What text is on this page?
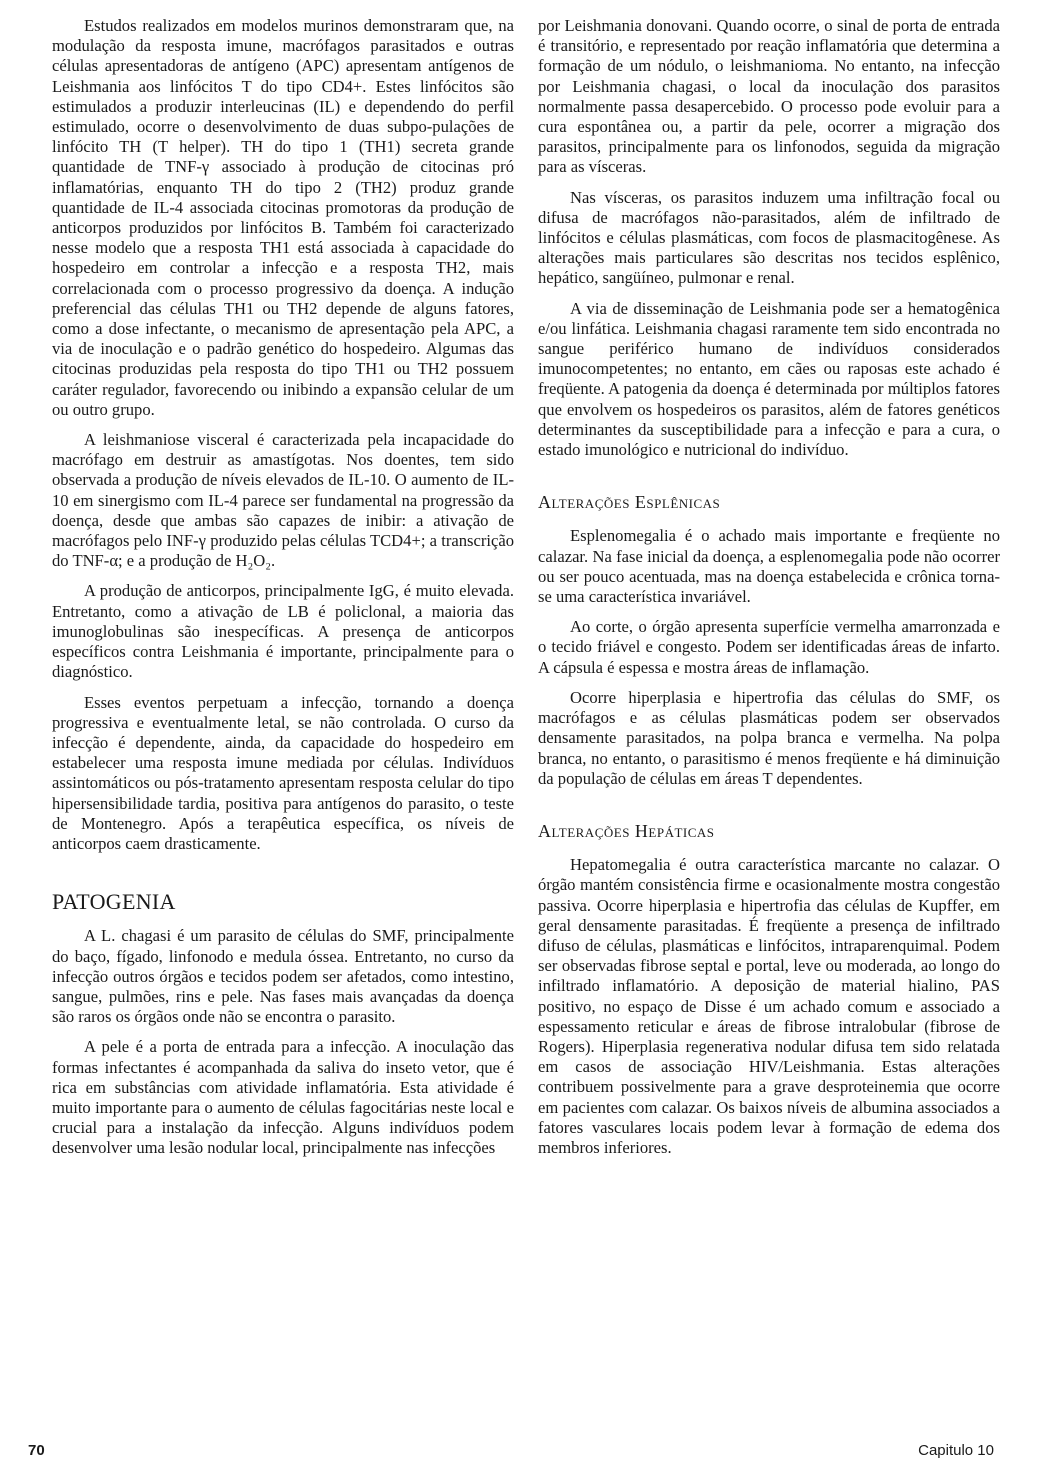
Estudos realizados em modelos murinos demonstraram que, na modulação da resposta imune, macrófagos parasitados e outras células apresentadoras de antígeno (APC) apresentam antígenos de Leishmania aos linfócitos T do tipo CD4+. Estes linfócitos são estimulados a produzir interleucinas (IL) e dependendo do perfil estimulado, ocorre o desenvolvimento de duas subpo-pulações de linfócito TH (T helper). TH do tipo 1 (TH1) secreta grande quantidade de TNF-γ associado à produção de citocinas pró inflamatórias, enquanto TH do tipo 2 (TH2) produz grande quantidade de IL-4 associada citocinas promotoras da produção de anticorpos produzidos por linfócitos B. Também foi caracterizado nesse modelo que a resposta TH1 está associada à capacidade do hospedeiro em controlar a infecção e a resposta TH2, mais correlacionada com o processo progressivo da doença. A indução preferencial das células TH1 ou TH2 depende de alguns fatores, como a dose infectante, o mecanismo de apresentação pela APC, a via de inoculação e o padrão genético do hospedeiro. Algumas das citocinas produzidas pela resposta do tipo TH1 ou TH2 possuem caráter regulador, favorecendo ou inibindo a expansão celular de um ou outro grupo.

A leishmaniose visceral é caracterizada pela incapacidade do macrófago em destruir as amastígotas. Nos doentes, tem sido observada a produção de níveis elevados de IL-10. O aumento de IL-10 em sinergismo com IL-4 parece ser fundamental na progressão da doença, desde que ambas são capazes de inibir: a ativação de macrófagos pelo INF-γ produzido pelas células TCD4+; a transcrição do TNF-α; e a produção de H₂O₂.

A produção de anticorpos, principalmente IgG, é muito elevada. Entretanto, como a ativação de LB é policlonal, a maioria das imunoglobulinas são inespecíficas. A presença de anticorpos específicos contra Leishmania é importante, principalmente para o diagnóstico.

Esses eventos perpetuam a infecção, tornando a doença progressiva e eventualmente letal, se não controlada. O curso da infecção é dependente, ainda, da capacidade do hospedeiro em estabelecer uma resposta imune mediada por células. Indivíduos assintomáticos ou pós-tratamento apresentam resposta celular do tipo hipersensibilidade tardia, positiva para antígenos do parasito, o teste de Montenegro. Após a terapêutica específica, os níveis de anticorpos caem drasticamente.

PATOGENIA

A L. chagasi é um parasito de células do SMF, principalmente do baço, fígado, linfonodo e medula óssea. Entretanto, no curso da infecção outros órgãos e tecidos podem ser afetados, como intestino, sangue, pulmões, rins e pele. Nas fases mais avançadas da doença são raros os órgãos onde não se encontra o parasito.

A pele é a porta de entrada para a infecção. A inoculação das formas infectantes é acompanhada da saliva do inseto vetor, que é rica em substâncias com atividade inflamatória. Esta atividade é muito importante para o aumento de células fagocitárias neste local e crucial para a instalação da infecção. Alguns indivíduos podem desenvolver uma lesão nodular local, principalmente nas infecções

por Leishmania donovani. Quando ocorre, o sinal de porta de entrada é transitório, e representado por reação inflamatória que determina a formação de um nódulo, o leishmanioma. No entanto, na infecção por Leishmania chagasi, o local da inoculação dos parasitos normalmente passa desapercebido. O processo pode evoluir para a cura espontânea ou, a partir da pele, ocorrer a migração dos parasitos, principalmente para os linfonodos, seguida da migração para as vísceras.

Nas vísceras, os parasitos induzem uma infiltração focal ou difusa de macrófagos não-parasitados, além de infiltrado de linfócitos e células plasmáticas, com focos de plasmacitogênese. As alterações mais particulares são descritas nos tecidos esplênico, hepático, sangüíneo, pulmonar e renal.

A via de disseminação de Leishmania pode ser a hematogênica e/ou linfática. Leishmania chagasi raramente tem sido encontrada no sangue periférico humano de indivíduos considerados imunocompetentes; no entanto, em cães ou raposas este achado é freqüente. A patogenia da doença é determinada por múltiplos fatores que envolvem os hospedeiros os parasitos, além de fatores genéticos determinantes da susceptibilidade para a infecção e para a cura, o estado imunológico e nutricional do indivíduo.

Alterações Esplênicas

Esplenomegalia é o achado mais importante e freqüente no calazar. Na fase inicial da doença, a esplenomegalia pode não ocorrer ou ser pouco acentuada, mas na doença estabelecida e crônica torna-se uma característica invariável.

Ao corte, o órgão apresenta superfície vermelha amarronzada e o tecido friável e congesto. Podem ser identificadas áreas de infarto. A cápsula é espessa e mostra áreas de inflamação.

Ocorre hiperplasia e hipertrofia das células do SMF, os macrófagos e as células plasmáticas podem ser observados densamente parasitados, na polpa branca e vermelha. Na polpa branca, no entanto, o parasitismo é menos freqüente e há diminuição da população de células em áreas T dependentes.

Alterações Hepáticas

Hepatomegalia é outra característica marcante no calazar. O órgão mantém consistência firme e ocasionalmente mostra congestão passiva. Ocorre hiperplasia e hipertrofia das células de Kupffer, em geral densamente parasitadas. É freqüente a presença de infiltrado difuso de células, plasmáticas e linfócitos, intraparenquimal. Podem ser observadas fibrose septal e portal, leve ou moderada, ao longo do infiltrado inflamatório. A deposição de material hialino, PAS positivo, no espaço de Disse é um achado comum e associado a espessamento reticular e áreas de fibrose intralobular (fibrose de Rogers). Hiperplasia regenerativa nodular difusa tem sido relatada em casos de associação HIV/Leishmania. Estas alterações contribuem possivelmente para a grave desproteinemia que ocorre em pacientes com calazar. Os baixos níveis de albumina associados a fatores vasculares locais podem levar à formação de edema dos membros inferiores.

70	Capitulo 10
